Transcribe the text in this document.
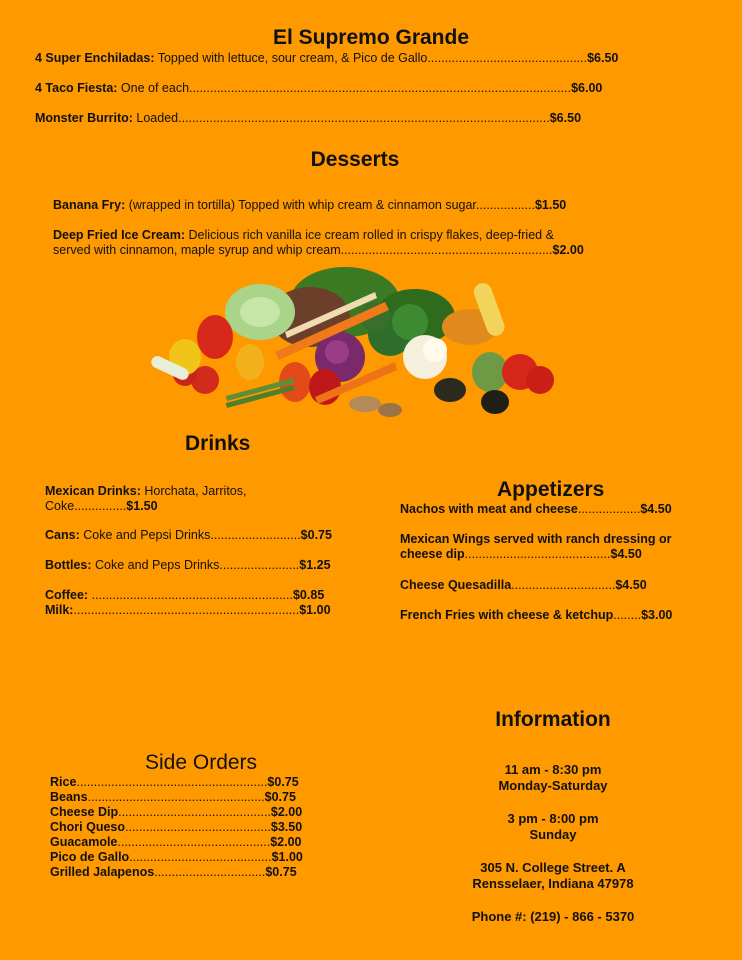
El Supremo Grande
4 Super Enchiladas: Topped with lettuce, sour cream, & Pico de Gallo..............................................$6.50
4 Taco Fiesta: One of each..............................................................................................................$6.00
Monster Burrito: Loaded...........................................................................................................$6.50
Desserts
Banana Fry: (wrapped in tortilla) Topped with whip cream & cinnamon sugar.................$1.50
Deep Fried Ice Cream: Delicious rich vanilla ice cream rolled in crispy flakes, deep-fried &
served with cinnamon, maple syrup and whip cream.............................................................$2.00
Drinks
Mexican Drinks: Horchata, Jarritos,
Coke...............$1.50
Cans: Coke and Pepsi Drinks..........................$0.75
Bottles: Coke and Peps Drinks.......................$1.25
Coffee: ..........................................................$0.85
Milk:.................................................................$1.00
Appetizers
Nachos with meat and cheese..................$4.50
Mexican Wings served with ranch dressing or
cheese dip..........................................$4.50
Cheese Quesadilla..............................$4.50
French Fries with cheese & ketchup........$3.00
Side Orders
Rice.......................................................$0.75
Beans...................................................$0.75
Cheese Dip............................................$2.00
Chori Queso..........................................$3.50
Guacamole............................................$2.00
Pico de Gallo.........................................$1.00
Grilled Jalapenos................................$0.75
Information

11 am - 8:30 pm

Monday-Saturday

3 pm - 8:00 pm

Sunday

305 N. College Street. A

Rensselaer, Indiana 47978

Phone #: (219) - 866 - 5370
